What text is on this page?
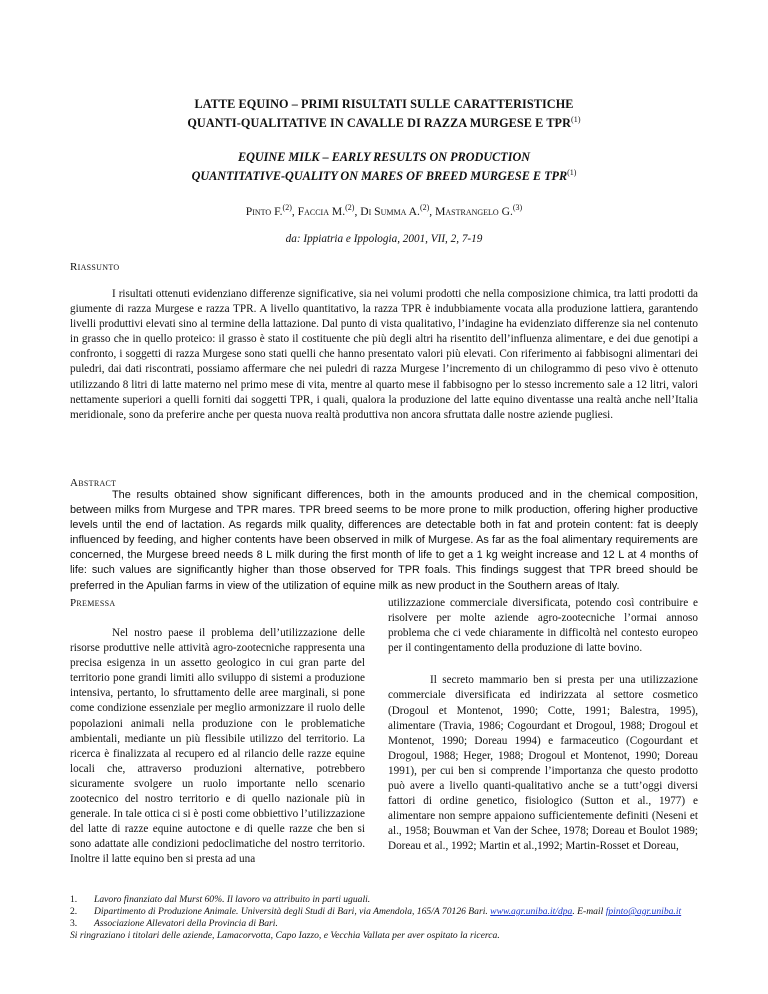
LATTE EQUINO – PRIMI RISULTATI SULLE CARATTERISTICHE
QUANTI-QUALITATIVE IN CAVALLE DI RAZZA MURGESE E TPR$^{(1)}$
EQUINE MILK – EARLY RESULTS ON PRODUCTION
QUANTITATIVE-QUALITY ON MARES OF BREED MURGESE E TPR$^{(1)}$
Pinto F.$^{(2)}$, Faccia M.$^{(2)}$, Di Summa A.$^{(2)}$, Mastrangelo G.$^{(3)}$
da: Ippiatria e Ippologia, 2001, VII, 2, 7-19
Riassunto

I risultati ottenuti evidenziano differenze significative, sia nei volumi prodotti che nella composizione chimica, tra latti prodotti da giumente di razza Murgese e razza TPR. A livello quantitativo, la razza TPR è indubbiamente vocata alla produzione lattiera, garantendo livelli produttivi elevati sino al termine della lattazione. Dal punto di vista qualitativo, l’indagine ha evidenziato differenze sia nel contenuto in grasso che in quello proteico: il grasso è stato il costituente che più degli altri ha risentito dell’influenza alimentare, e dei due genotipi a confronto, i soggetti di razza Murgese sono stati quelli che hanno presentato valori più elevati. Con riferimento ai fabbisogni alimentari dei puledri, dai dati riscontrati, possiamo affermare che nei puledri di razza Murgese l’incremento di un chilogrammo di peso vivo è ottenuto utilizzando 8 litri di latte materno nel primo mese di vita, mentre al quarto mese il fabbisogno per lo stesso incremento sale a 12 litri, valori nettamente superiori a quelli forniti dai soggetti TPR, i quali, qualora la produzione del latte equino diventasse una realtà anche nell’Italia meridionale, sono da preferire anche per questa nuova realtà produttiva non ancora sfruttata dalle nostre aziende pugliesi.

Abstract

The results obtained show significant differences, both in the amounts produced and in the chemical composition, between milks from Murgese and TPR mares. TPR breed seems to be more prone to milk production, offering higher productive levels until the end of lactation. As regards milk quality, differences are detectable both in fat and protein content: fat is deeply influenced by feeding, and higher contents have been observed in milk of Murgese. As far as the foal alimentary requirements are concerned, the Murgese breed needs 8 L milk during the first month of life to get a 1 kg weight increase and 12 L at 4 months of life: such values are significantly higher than those observed for TPR foals. This findings suggest that TPR breed should be preferred in the Apulian farms in view of the utilization of equine milk as new product in the Southern areas of Italy.

Premessa

Nel nostro paese il problema dell’utilizzazione delle risorse produttive nelle attività agro-zootecniche rappresenta una precisa esigenza in un assetto geologico in cui gran parte del territorio pone grandi limiti allo sviluppo di sistemi a produzione intensiva, pertanto, lo sfruttamento delle aree marginali, si pone come condizione essenziale per meglio armonizzare il ruolo delle popolazioni animali nella produzione con le problematiche ambientali, mediante un più flessibile utilizzo del territorio. La ricerca è finalizzata al recupero ed al rilancio delle razze equine locali che, attraverso produzioni alternative, potrebbero sicuramente svolgere un ruolo importante nello scenario zootecnico del nostro territorio e di quello nazionale più in generale. In tale ottica ci si è posti come obbiettivo l’utilizzazione del latte di razze equine autoctone e di quelle razze che ben si sono adattate alle condizioni pedoclimatiche del nostro territorio. Inoltre il latte equino ben si presta ad una

utilizzazione commerciale diversificata, potendo così contribuire e risolvere per molte aziende agro-zootecniche l’ormai annoso problema che ci vede chiaramente in difficoltà nel contesto europeo per il contingentamento della produzione di latte bovino.

Il secreto mammario ben si presta per una utilizzazione commerciale diversificata ed indirizzata al settore cosmetico (Drogoul et Montenot, 1990; Cotte, 1991; Balestra, 1995), alimentare (Travia, 1986; Cogourdant et Drogoul, 1988; Drogoul et Montenot, 1990; Doreau 1994) e farmaceutico (Cogourdant et Drogoul, 1988; Heger, 1988; Drogoul et Montenot, 1990; Doreau 1991), per cui ben si comprende l’importanza che questo prodotto può avere a livello quanti-qualitativo anche se a tutt’oggi diversi fattori di ordine genetico, fisiologico (Sutton et al., 1977) e alimentare non sempre appaiono sufficientemente definiti (Neseni et al., 1958; Bouwman et Van der Schee, 1978; Doreau et Boulot 1989; Doreau et al., 1992; Martin et al.,1992; Martin-Rosset et Doreau,

1.	Lavoro finanziato dal Murst 60%. Il lavoro va attribuito in parti uguali.
2.	Dipartimento di Produzione Animale. Università degli Studi di Bari, via Amendola, 165/A 70126 Bari. www.agr.uniba.it/dpa. E-mail fpinto@agr.uniba.it
3.	Associazione Allevatori della Provincia di Bari.
Si ringraziano i titolari delle aziende, Lamacorvotta, Capo Iazzo, e Vecchia Vallata per aver ospitato la ricerca.
